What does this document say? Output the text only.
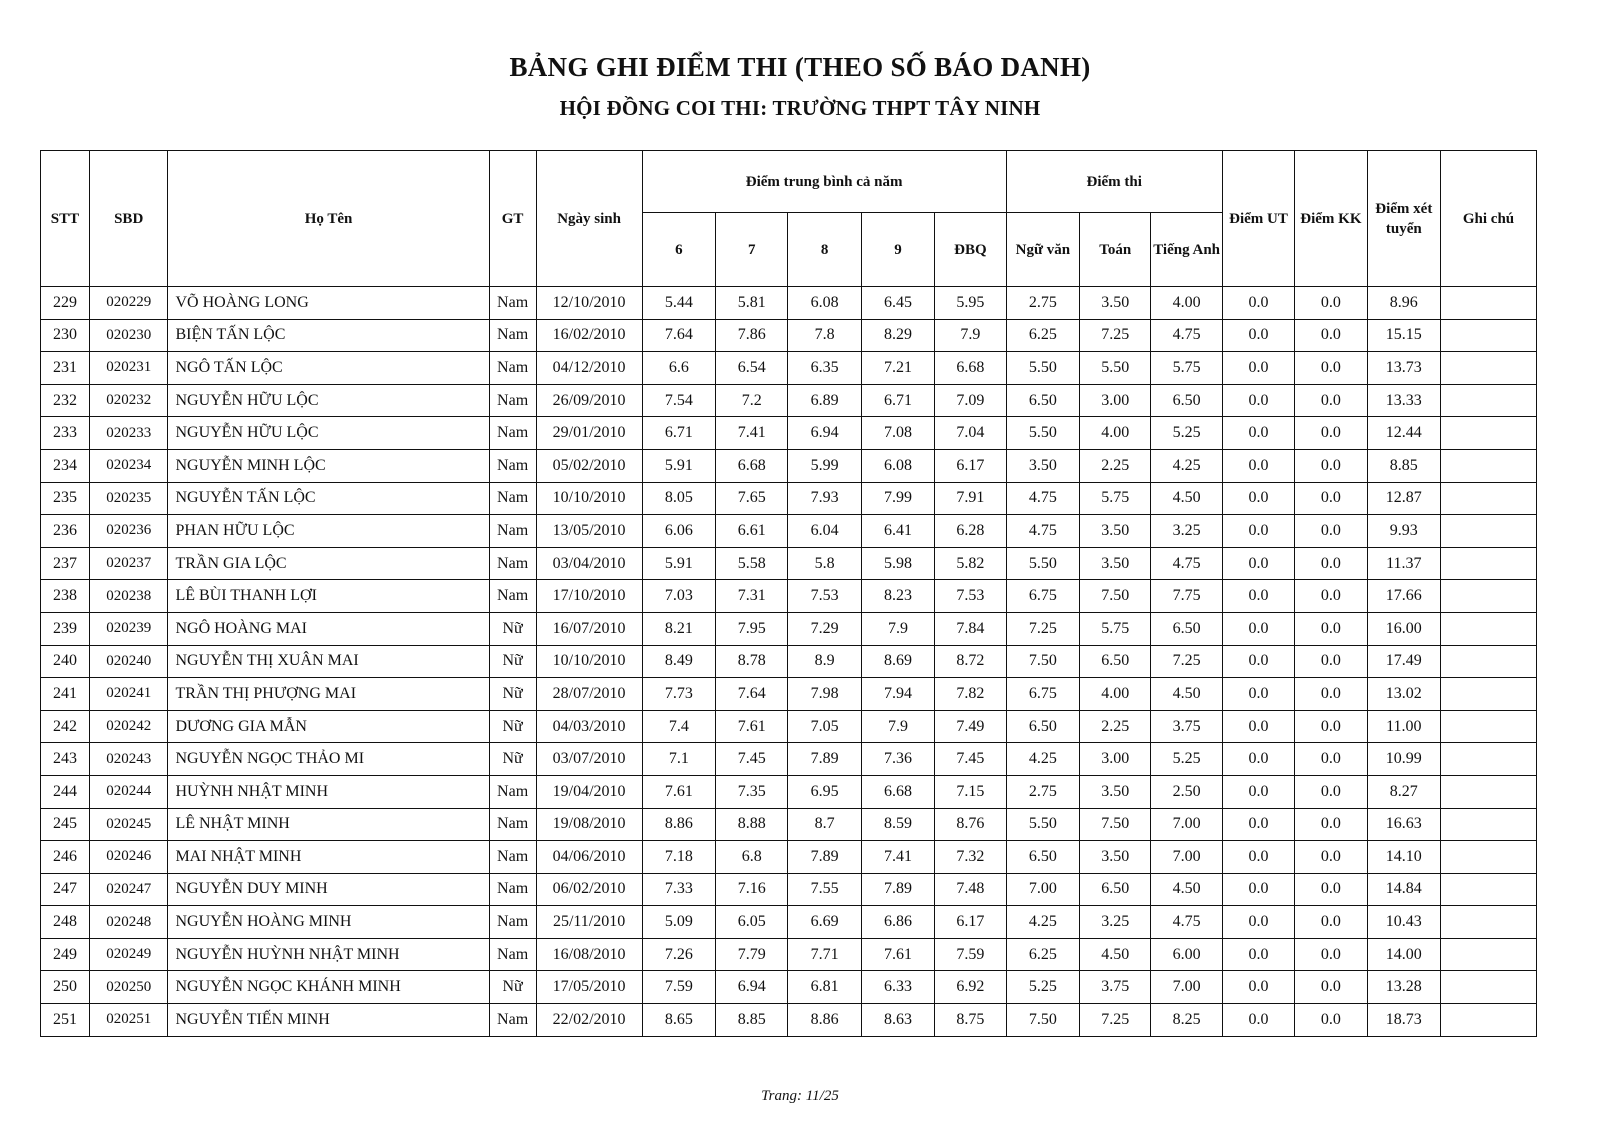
BẢNG GHI ĐIỂM THI (THEO SỐ BÁO DANH)
HỘI ĐỒNG COI THI: TRƯỜNG THPT TÂY NINH
STT	SBD	Họ Tên	GT	Ngày sinh	Điểm trung bình cả năm					Điểm thi			Điểm UT	Điểm KK	Điểm xét tuyển	Ghi chú
					6	7	8	9	ĐBQ	Ngữ văn	Toán	Tiếng Anh				
229	020229	VÕ HOÀNG LONG	Nam	12/10/2010	5.44	5.81	6.08	6.45	5.95	2.75	3.50	4.00	0.0	0.0	8.96	
230	020230	BIỆN TẤN LỘC	Nam	16/02/2010	7.64	7.86	7.8	8.29	7.9	6.25	7.25	4.75	0.0	0.0	15.15	
231	020231	NGÔ TẤN LỘC	Nam	04/12/2010	6.6	6.54	6.35	7.21	6.68	5.50	5.50	5.75	0.0	0.0	13.73	
232	020232	NGUYỄN HỮU LỘC	Nam	26/09/2010	7.54	7.2	6.89	6.71	7.09	6.50	3.00	6.50	0.0	0.0	13.33	
233	020233	NGUYỄN HỮU LỘC	Nam	29/01/2010	6.71	7.41	6.94	7.08	7.04	5.50	4.00	5.25	0.0	0.0	12.44	
234	020234	NGUYỄN MINH LỘC	Nam	05/02/2010	5.91	6.68	5.99	6.08	6.17	3.50	2.25	4.25	0.0	0.0	8.85	
235	020235	NGUYỄN TẤN LỘC	Nam	10/10/2010	8.05	7.65	7.93	7.99	7.91	4.75	5.75	4.50	0.0	0.0	12.87	
236	020236	PHAN HỮU LỘC	Nam	13/05/2010	6.06	6.61	6.04	6.41	6.28	4.75	3.50	3.25	0.0	0.0	9.93	
237	020237	TRẦN GIA LỘC	Nam	03/04/2010	5.91	5.58	5.8	5.98	5.82	5.50	3.50	4.75	0.0	0.0	11.37	
238	020238	LÊ BÙI THANH LỢI	Nam	17/10/2010	7.03	7.31	7.53	8.23	7.53	6.75	7.50	7.75	0.0	0.0	17.66	
239	020239	NGÔ HOÀNG MAI	Nữ	16/07/2010	8.21	7.95	7.29	7.9	7.84	7.25	5.75	6.50	0.0	0.0	16.00	
240	020240	NGUYỄN THỊ XUÂN MAI	Nữ	10/10/2010	8.49	8.78	8.9	8.69	8.72	7.50	6.50	7.25	0.0	0.0	17.49	
241	020241	TRẦN THỊ PHƯỢNG MAI	Nữ	28/07/2010	7.73	7.64	7.98	7.94	7.82	6.75	4.00	4.50	0.0	0.0	13.02	
242	020242	DƯƠNG GIA MẪN	Nữ	04/03/2010	7.4	7.61	7.05	7.9	7.49	6.50	2.25	3.75	0.0	0.0	11.00	
243	020243	NGUYỄN NGỌC THẢO MI	Nữ	03/07/2010	7.1	7.45	7.89	7.36	7.45	4.25	3.00	5.25	0.0	0.0	10.99	
244	020244	HUỲNH NHẬT MINH	Nam	19/04/2010	7.61	7.35	6.95	6.68	7.15	2.75	3.50	2.50	0.0	0.0	8.27	
245	020245	LÊ NHẬT MINH	Nam	19/08/2010	8.86	8.88	8.7	8.59	8.76	5.50	7.50	7.00	0.0	0.0	16.63	
246	020246	MAI NHẬT MINH	Nam	04/06/2010	7.18	6.8	7.89	7.41	7.32	6.50	3.50	7.00	0.0	0.0	14.10	
247	020247	NGUYỄN DUY MINH	Nam	06/02/2010	7.33	7.16	7.55	7.89	7.48	7.00	6.50	4.50	0.0	0.0	14.84	
248	020248	NGUYỄN HOÀNG MINH	Nam	25/11/2010	5.09	6.05	6.69	6.86	6.17	4.25	3.25	4.75	0.0	0.0	10.43	
249	020249	NGUYỄN HUỲNH NHẬT MINH	Nam	16/08/2010	7.26	7.79	7.71	7.61	7.59	6.25	4.50	6.00	0.0	0.0	14.00	
250	020250	NGUYỄN NGỌC KHÁNH MINH	Nữ	17/05/2010	7.59	6.94	6.81	6.33	6.92	5.25	3.75	7.00	0.0	0.0	13.28	
251	020251	NGUYỄN TIẾN MINH	Nam	22/02/2010	8.65	8.85	8.86	8.63	8.75	7.50	7.25	8.25	0.0	0.0	18.73	
Trang: 11/25
